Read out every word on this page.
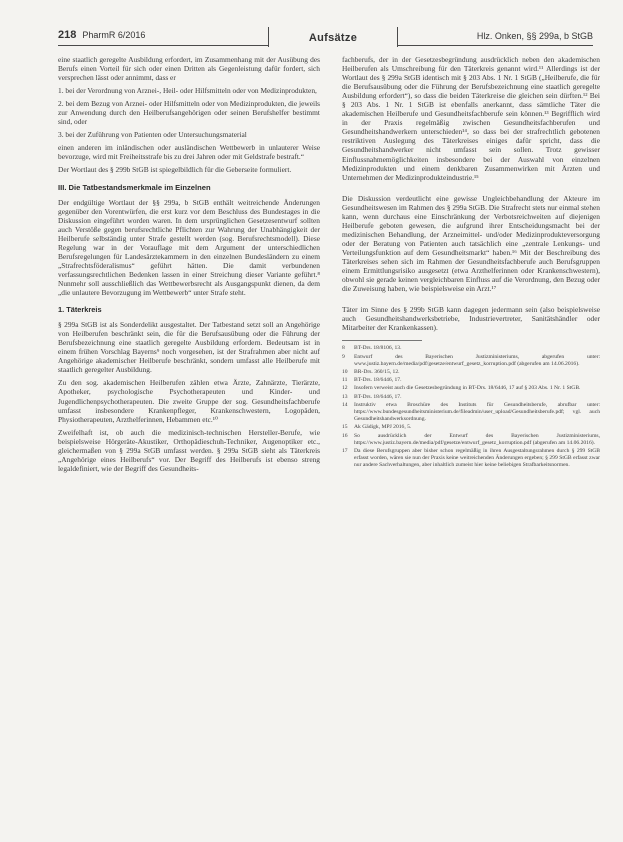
218 PharmR 6/2016	Aufsätze	Hlz. Onken, §§ 299a, b StGB

eine staatlich geregelte Ausbildung erfordert, im Zusammenhang mit der Ausübung des Berufs einen Vorteil für sich oder einen Dritten als Gegenleistung dafür fordert, sich versprechen lässt oder annimmt, dass er

1. bei der Verordnung von Arznei-, Heil- oder Hilfsmitteln oder von Medizinprodukten,

2. bei dem Bezug von Arznei- oder Hilfsmitteln oder von Medizinprodukten, die jeweils zur Anwendung durch den Heilberufsangehörigen oder seinen Berufshelfer bestimmt sind, oder

3. bei der Zuführung von Patienten oder Untersuchungsmaterial

einen anderen im inländischen oder ausländischen Wettbewerb in unlauterer Weise bevorzuge, wird mit Freiheitsstrafe bis zu drei Jahren oder mit Geldstrafe bestraft.“

Der Wortlaut des § 299b StGB ist spiegelbildlich für die Geberseite formuliert.

III. Die Tatbestandsmerkmale im Einzelnen

Der endgültige Wortlaut der §§ 299a, b StGB enthält weitreichende Änderungen gegenüber den Vorentwürfen, die erst kurz vor dem Beschluss des Bundestages in die Diskussion eingeführt worden waren. In dem ursprünglichen Gesetzesentwurf sollten auch Verstöße gegen berufsrechtliche Pflichten zur Wahrung der Unabhängigkeit der Heilberufe selbständig unter Strafe gestellt werden (sog. Berufsrechtsmodell). Diese Regelung war in der Vorauflage mit dem Argument der unterschiedlichen Berufsregelungen für Landesärztekammern in den einzelnen Bundesländern zu einem „Strafrechtsföderalismus“ geführt hätten. Die damit verbundenen verfassungsrechtlichen Bedenken lassen in einer Streichung dieser Variante geführt.⁸ Nunmehr soll ausschließlich das Wettbewerbsrecht als Ausgangspunkt dienen, da dem „die unlautere Bevorzugung im Wettbewerb“ unter Strafe steht.

1. Täterkreis

§ 299a StGB ist als Sonderdelikt ausgestaltet. Der Tatbestand setzt soll an Angehörige von Heilberufen beschränkt sein, die für die Berufsausübung oder die Führung der Berufsbezeichnung eine staatlich geregelte Ausbildung erfordern. Bedeutsam ist in einem frühen Vorschlag Bayerns⁹ noch vorgesehen, ist der Strafrahmen aber nicht auf Angehörige akademischer Heilberufe beschränkt, sondern umfasst alle Heilberufe mit staatlich geregelter Ausbildung.

Zu den sog. akademischen Heilberufen zählen etwa Ärzte, Zahnärzte, Tierärzte, Apotheker, psychologische Psychotherapeuten und Kinder- und Jugendlichenpsychotherapeuten. Die zweite Gruppe der sog. Gesundheitsfachberufe umfasst insbesondere Krankenpfleger, Krankenschwestern, Logopäden, Physiotherapeuten, Arzthelferinnen, Hebammen etc.¹⁰

Zweifelhaft ist, ob auch die medizinisch-technischen Hersteller-Berufe, wie beispielsweise Hörgeräte-Akustiker, Orthopädieschuh-Techniker, Augenoptiker etc., gleichermaßen von § 299a StGB umfasst werden. § 299a StGB sieht als Täterkreis „Angehörige eines Heilberufs“ vor. Der Begriff des Heilberufs ist ebenso streng legaldefiniert, wie der Begriff des Gesundheits-

fachberufs, der in der Gesetzesbegründung ausdrücklich neben den akademischen Heilberufen als Umschreibung für den Täterkreis genannt wird.¹¹ Allerdings ist der Wortlaut des § 299a StGB identisch mit § 203 Abs. 1 Nr. 1 StGB („Heilberufe, die für die Berufsausübung oder die Führung der Berufsbezeichnung eine staatlich geregelte Ausbildung erfordert“), so dass die beiden Täterkreise die gleichen sein dürften.¹² Bei § 203 Abs. 1 Nr. 1 StGB ist ebenfalls anerkannt, dass sämtliche Täter die akademischen Heilberufe und Gesundheitsfachberufe sein können.¹³ Begrifflich wird in der Praxis regelmäßig zwischen Gesundheitsfachberufen und Gesundheitshandwerkern unterschieden¹⁴, so dass bei der strafrechtlich gebotenen restriktiven Auslegung des Täterkreises einiges dafür spricht, dass die Gesundheitshandwerker nicht umfasst sein sollen. Trotz gewisser Einflussnahmemöglichkeiten insbesondere bei der Auswahl von einzelnen Medizinprodukten und einem denkbaren Zusammenwirken mit Ärzten und Unternehmen der Medizinprodukteindustrie.¹⁵

Die Diskussion verdeutlicht eine gewisse Ungleichbehandlung der Akteure im Gesundheitswesen im Rahmen des § 299a StGB. Die Strafrecht stets nur einmal stehen kann, wenn durchaus eine Einschränkung der Verbotsreichweiten auf diejenigen Heilberufe geboten gewesen, die aufgrund ihrer Entscheidungsmacht bei der medizinischen Behandlung, der Arzneimittel- und/oder Medizinprodukteversorgung oder der Beratung von Patienten auch tatsächlich eine „zentrale Lenkungs- und Verteilungsfunktion auf dem Gesundheitsmarkt“ haben.¹⁶ Mit der Beschreibung des Täterkreises sehen sich im Rahmen der Gesundheitsfachberufe auch Berufsgruppen einem Ermittlungsrisiko ausgesetzt (etwa Arzthelferinnen oder Krankenschwestern), obwohl sie gerade keinen vergleichbaren Einfluss auf die Verordnung, den Bezug oder die Zuweisung haben, wie beispielsweise ein Arzt.¹⁷

Täter im Sinne des § 299b StGB kann dagegen jedermann sein (also beispielsweise auch Gesundheitshandwerksbetriebe, Industrievertreter, Sanitätshändler oder Mitarbeiter der Krankenkassen).

8	BT-Drs. 18/8106, 13.
9	Entwurf des Bayerischen Justizministeriums, abgerufen unter: www.justiz.bayern.de/media/pdf/gesetze/entwurf_gesetz_korruption.pdf (abgerufen am 14.06.2016).
10	BR-Drs. 360/15, 12.
11	BT-Drs. 18/6446, 17.
12	Insofern verweist auch die Gesetzesbegründung in BT-Drs. 18/6446, 17 auf § 203 Abs. 1 Nr. 1 StGB.
13	BT-Drs. 18/6446, 17.
14	Instruktiv etwa Broschüre des Instituts für Gesundheitsberufe, abrufbar unter: https://www.bundesgesundheitsministerium.de/fileadmin/user_upload/Gesundheitsberufe.pdf; vgl. auch Gesundheitshandwerksordnung.
15	Ak Gädigk, MPJ 2016, 5.
16	So ausdrücklich der Entwurf des Bayerischen Justizministeriums, https://www.justiz.bayern.de/media/pdf/gesetze/entwurf_gesetz_korruption.pdf (abgerufen am 14.06.2016).
17	Da diese Berufsgruppen aber bisher schon regelmäßig in ihren Ausgestaltungsrahmen durch § 299 StGB erfasst worden, wären sie nun der Praxis keine weitreichenden Änderungen ergeben; § 299 StGB erfasst zwar nur andere Sachverhaltungen, aber inhaltlich zumeist hier keine beliebigen Strafbarkeitsnormen.
